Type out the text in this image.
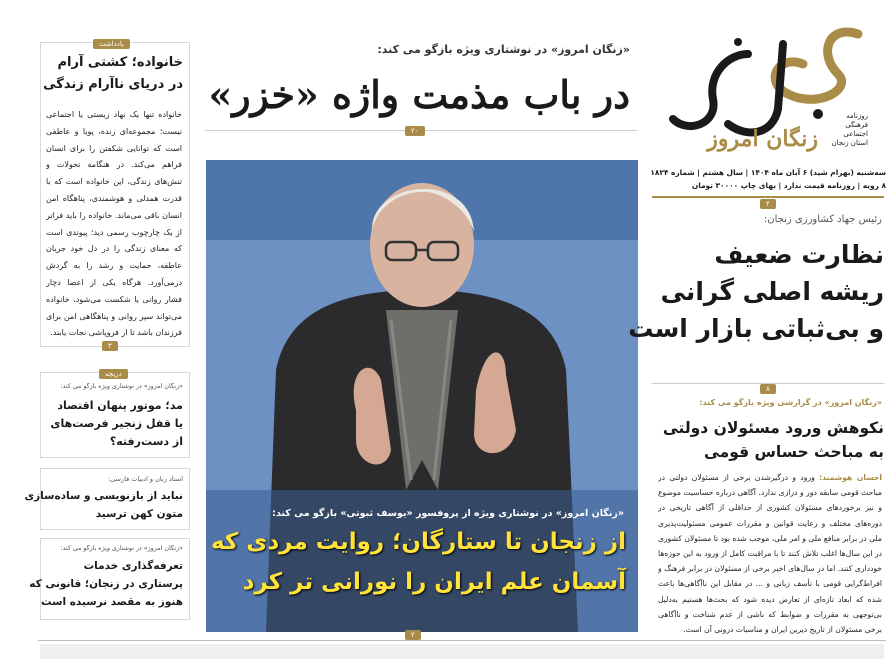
زنگان امروز
روزنامه
فرهنگی
اجتماعی
استان زنجان
سه‌شنبه (بهرام شید) ۶ آبان ماه ۱۴۰۴ | سال هشتم | شماره ۱۸۲۴
۸ رویه | روزنامه قیمت ندارد | بهای چاپ ۳۰۰۰۰ تومان
«زنگان امروز» در نوشتاری ویژه بازگو می کند:
در باب مذمت واژه «خزر»
۲۰
«زنگان امروز» در نوشتاری ویژه از پروفسور «یوسف ثبوتی» بازگو می کند:
از زنجان تا ستارگان؛ روایت مردی که
آسمان علم ایران را نورانی تر کرد
۲
۴
رئیس جهاد کشاورزی زنجان:
نظارت ضعیف
ریشه اصلی گرانی
و بی‌ثباتی بازار است
۸
«زنگان امروز» در گزارشی ویژه بازگو می کند:
نکوهش ورود مسئولان دولتی
به مباحث حساس قومی
احسان هوشمند: ورود و درگیرشدن برخی از مسئولان دولتی در مباحث قومی سابقه دور و درازی ندارد. آگاهی درباره حساسیت موضوع و نیز برخوردهای مسئولان کشوری از حداقلی از آگاهی تاریخی در دوره‌های مختلف و رعایت قوانین و مقررات عمومی مسئولیت‌پذیری ملی در برابر منافع ملی و امر ملی، موجب شده بود تا مسئولان کشوری در این سال‌ها اغلب تلاش کنند تا با مراقبت کامل از ورود به این حوزه‌ها خودداری کنند. اما در سال‌های اخیر برخی از مسئولان در برابر فرهنگ و افراط‌گرایی قومی با تأسف زبانی و ... در مقابل این ناآگاهی‌ها باعث شده که ابعاد تازه‌ای از تعارض دیده شود که بحث‌ها هستیم به‌دلیل بی‌توجهی به مقررات و ضوابط که ناشی از عدم شناخت و ناآگاهی برخی مسئولان از تاریخ دیرین ایران و مناسبات درونی آن است.
یادداشت
خانواده؛ کشتی آرام
در دریای ناآرام زندگی
خانواده تنها یک نهاد زیستی یا اجتماعی نیست؛ مجموعه‌ای زنده، پویا و عاطفی است که توانایی شکفتن را برای انسان فراهم می‌کند. در هنگامه تحولات و تنش‌های زندگی، این خانواده است که با قدرت همدلی و هوشمندی، پناهگاه امن انسان باقی می‌ماند. خانواده را باید فراتر از یک چارچوب رسمی دید؛ پیوندی است که معنای زندگی را در دل خود جریان عاطفه، حمایت و رشد را به گردش درمی‌آورد. هرگاه یکی از اعضا دچار فشار روانی یا شکست می‌شود، خانواده می‌تواند سپر روانی و پناهگاهی امن برای فرزندان باشد تا از فروپاشی نجات یابند.
دریچه
«زنگان امروز» در نوشتاری ویژه بازگو می کند:
مد؛ موتور پنهان اقتصاد
یا قفل زنجیر فرصت‌های
از دست‌رفته؟
استاد زبان و ادبیات فارسی:
نباید از بازنویسی و ساده‌سازی
متون کهن ترسید
«زنگان امروز» در نوشتاری ویژه بازگو می کند:
تعرفه‌گذاری خدمات
پرستاری در زنجان؛ قانونی که
هنوز به مقصد نرسیده است
۳
